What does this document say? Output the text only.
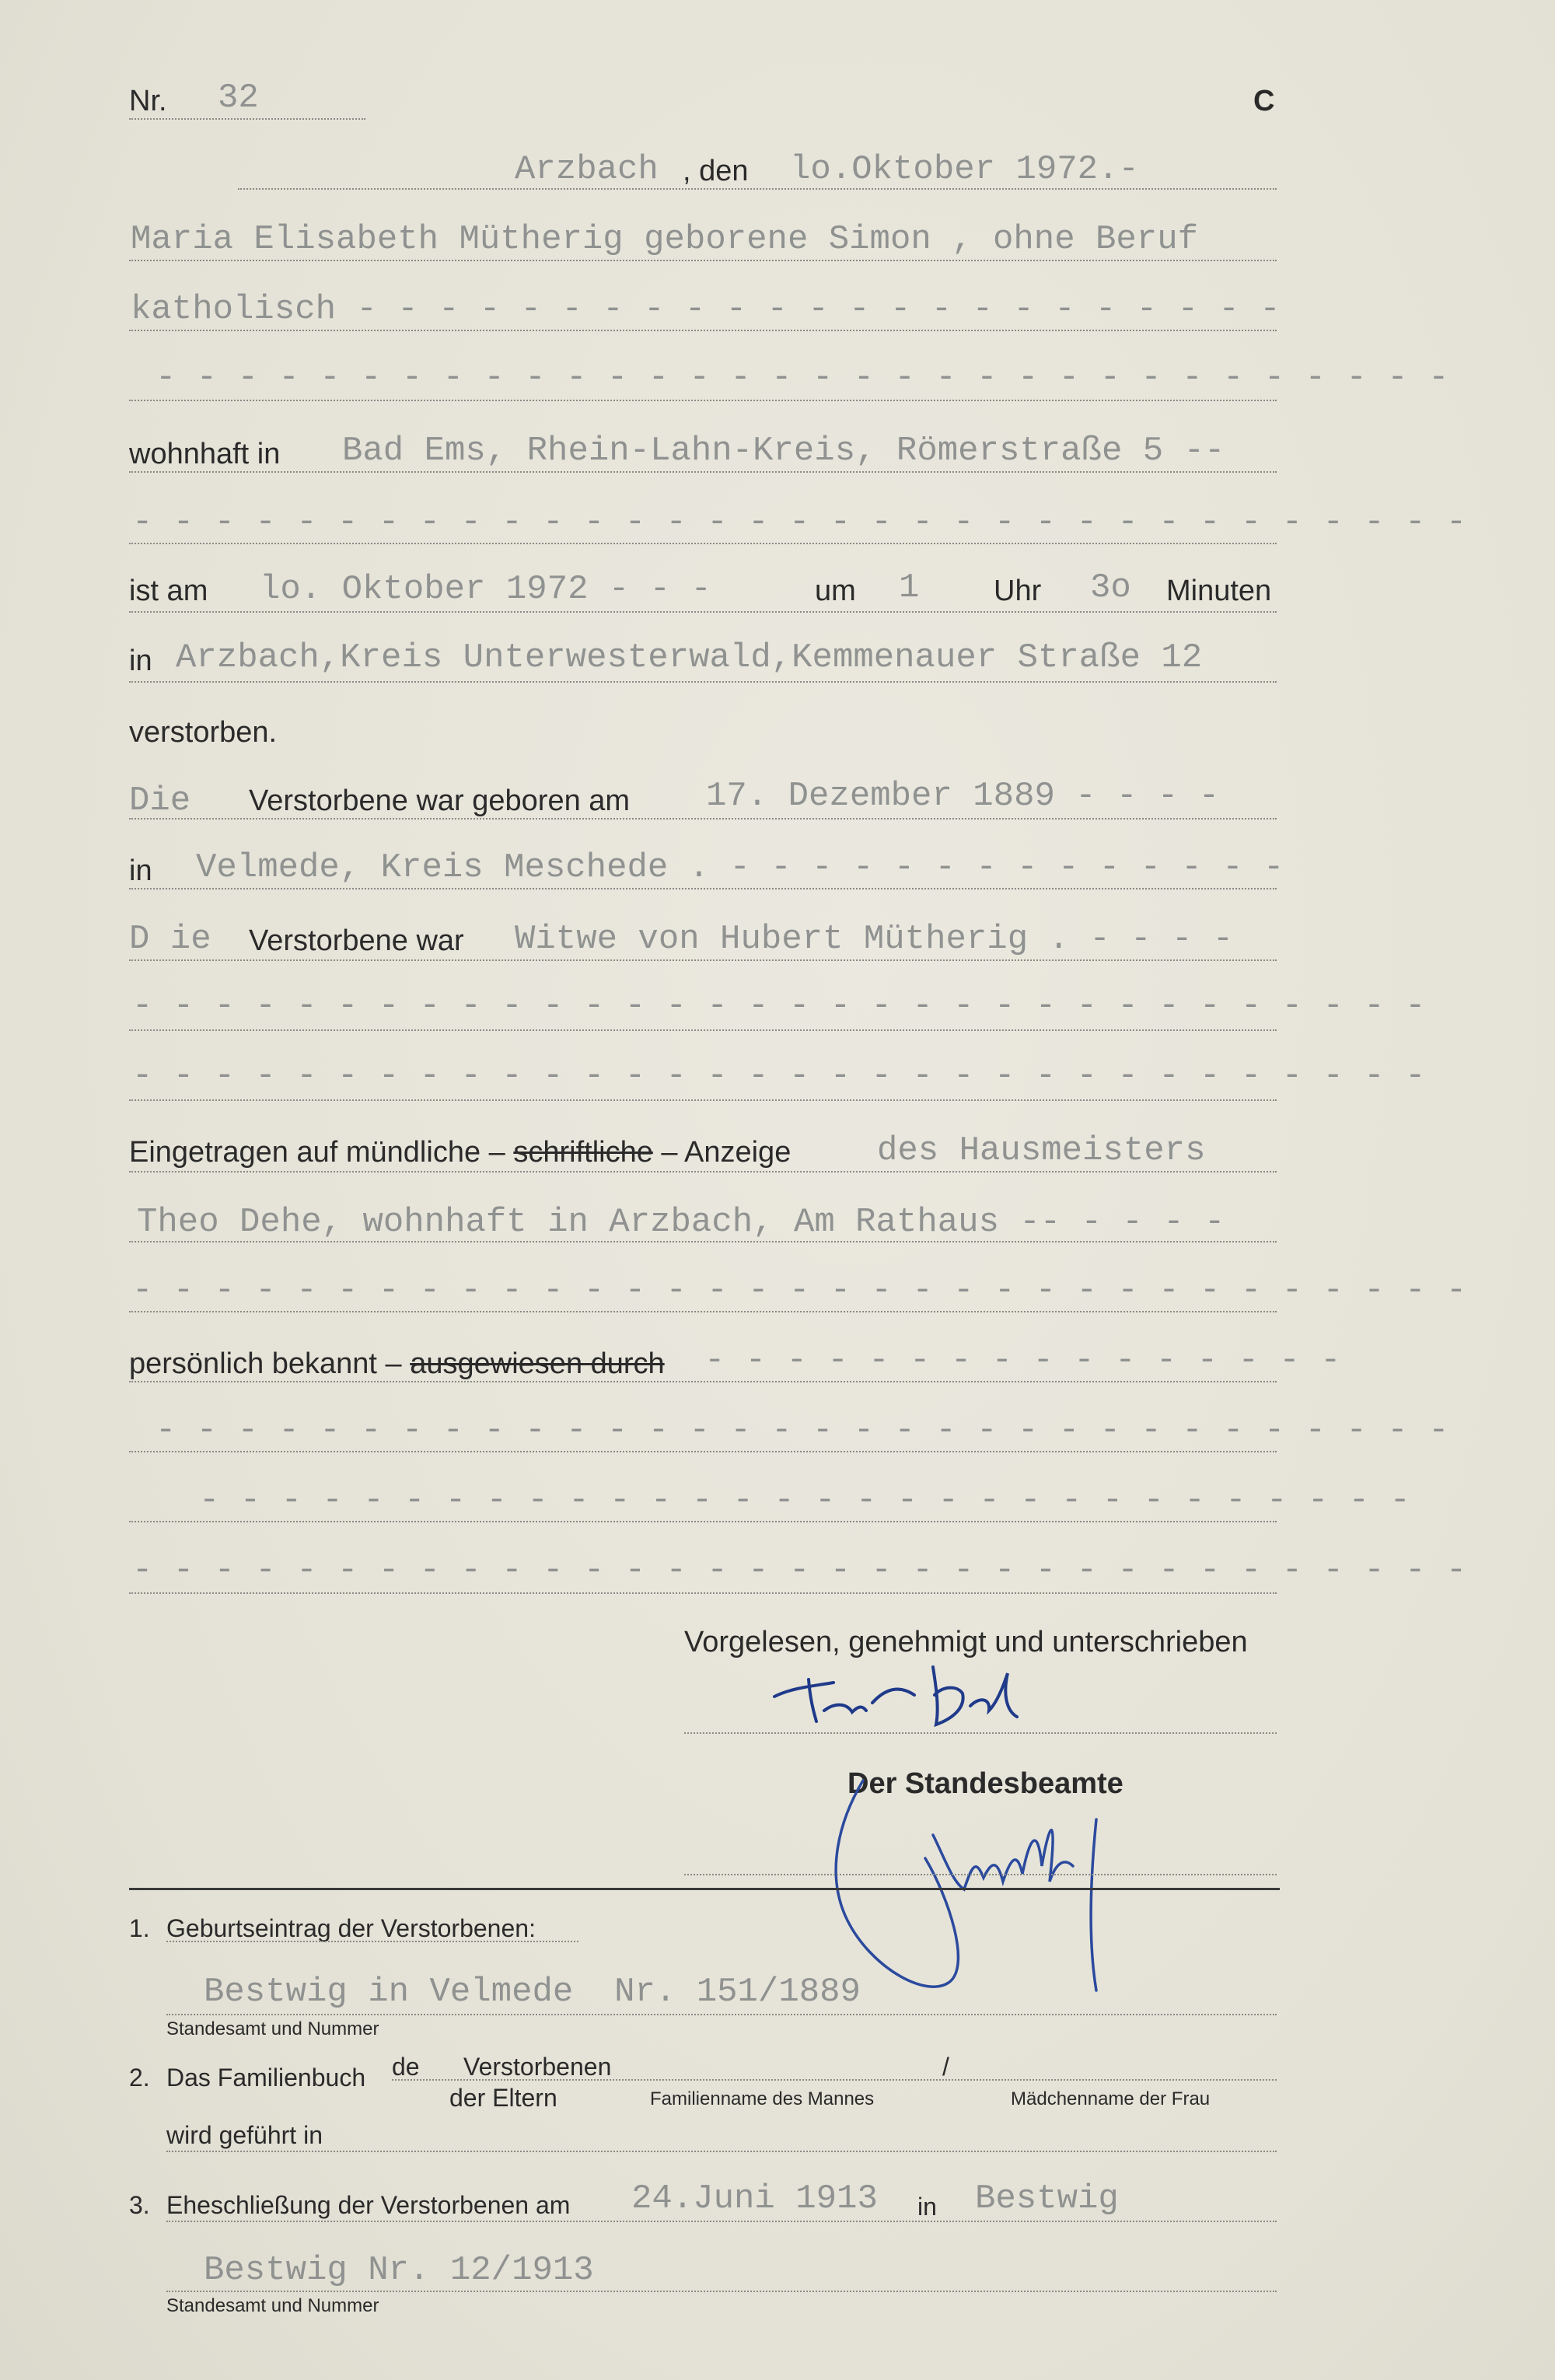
Nr. 32	C
Arzbach , den lo.Oktober 1972.-
Maria Elisabeth Mütherig geborene Simon , ohne Beruf
katholisch - - - - - - - - - - - - - - - - - - - - - - -
- - - - - - - - - - - - - - - - - - - - - - - - - - - - - - - -
wohnhaft in Bad Ems, Rhein-Lahn-Kreis, Römerstraße 5 --
- - - - - - - - - - - - - - - - - - - - - - - - - - - - - - - - -
ist am lo. Oktober 1972 - - -	um 1	Uhr 3o Minuten
in Arzbach,Kreis Unterwesterwald,Kemmenauer Straße 12
verstorben.
Die Verstorbene war geboren am 17. Dezember 1889 - - - -
in Velmede, Kreis Meschede . - - - - - - - - - - - - - -
D ie Verstorbene war Witwe von Hubert Mütherig . - - - -
- - - - - - - - - - - - - - - - - - - - - - - - - - - - - - - -
- - - - - - - - - - - - - - - - - - - - - - - - - - - - - - - -
Eingetragen auf mündliche – schriftliche – Anzeige	des Hausmeisters
Theo Dehe, wohnhaft in Arzbach, Am Rathaus -- - - - -
- - - - - - - - - - - - - - - - - - - - - - - - - - - - - - - - -
persönlich bekannt – ausgewiesen durch - - - - - - - - - - - - - - - -
- - - - - - - - - - - - - - - - - - - - - - - - - - - - - - - -
- - - - - - - - - - - - - - - - - - - - - - - - - - - - - -
- - - - - - - - - - - - - - - - - - - - - - - - - - - - - - - - -
Vorgelesen, genehmigt und unterschrieben
Der Standesbeamte
1. Geburtseintrag der Verstorbenen:
Bestwig in Velmede  Nr. 151/1889
Standesamt und Nummer
2. Das Familienbuch de Verstorbenen	/
der Eltern	Familienname des Mannes	Mädchenname der Frau
wird geführt in
3. Eheschließung der Verstorbenen am 24.Juni 1913 in Bestwig
Bestwig Nr. 12/1913
Standesamt und Nummer
